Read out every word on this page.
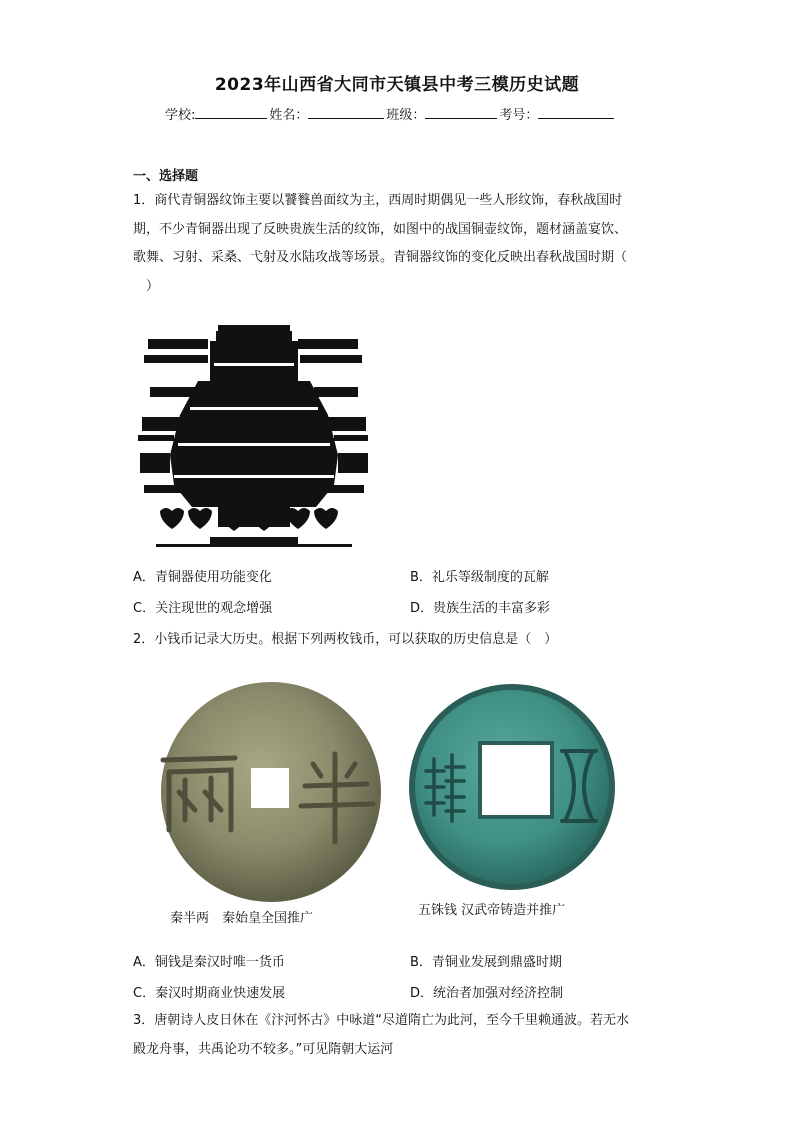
2023年山西省大同市天镇县中考三模历史试题
学校:	姓名：	班级：	考号：
一、选择题
1．商代青铜器纹饰主要以饕餮兽面纹为主，西周时期偶见一些人形纹饰，春秋战国时
期，不少青铜器出现了反映贵族生活的纹饰，如图中的战国铜壶纹饰，题材涵盖宴饮、
歌舞、习射、采桑、弋射及水陆攻战等场景。青铜器纹饰的变化反映出春秋战国时期（
　）
A．青铜器使用功能变化	B．礼乐等级制度的瓦解
C．关注现世的观念增强	D．贵族生活的丰富多彩
2．小钱币记录大历史。根据下列两枚钱币，可以获取的历史信息是（　）
秦半两　秦始皇全国推广
五铢钱 汉武帝铸造并推广
A．铜钱是秦汉时唯一货币	B．青铜业发展到鼎盛时期
C．秦汉时期商业快速发展	D．统治者加强对经济控制
3．唐朝诗人皮日休在《汴河怀古》中咏道“尽道隋亡为此河，至今千里赖通波。若无水
殿龙舟事，共禹论功不较多。”可见隋朝大运河
